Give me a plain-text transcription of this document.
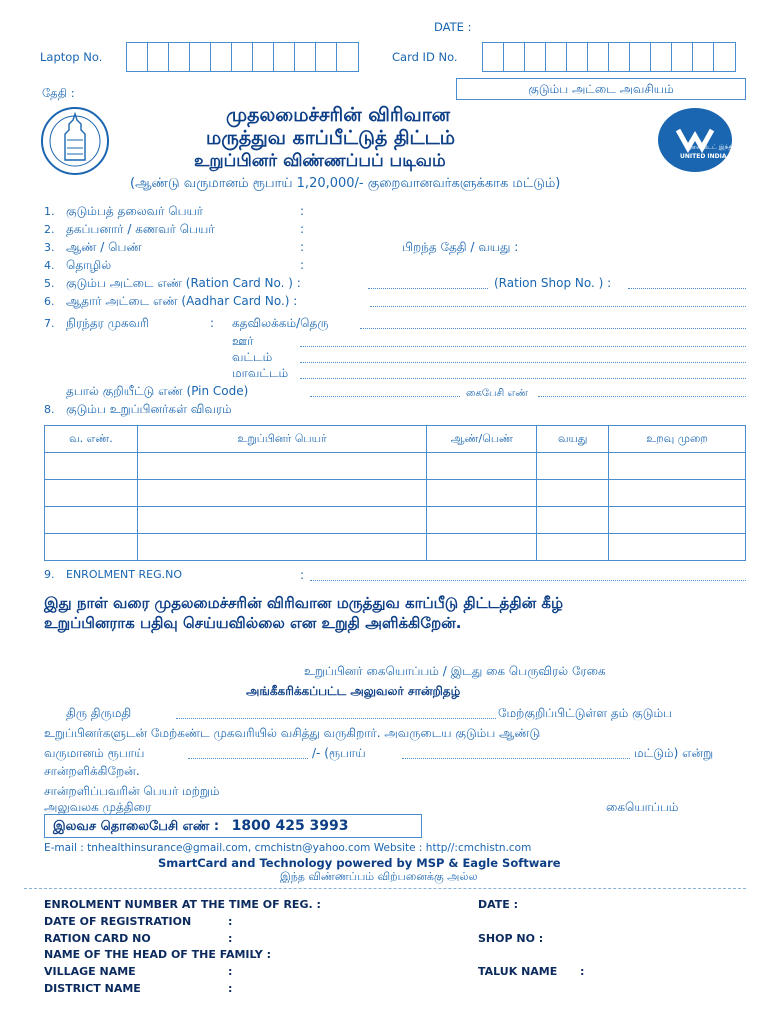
DATE :
Laptop No.	Card ID No.
தேதி :	குடும்ப அட்டை அவசியம்
முதலமைச்சரின் விரிவான
மருத்துவ காப்பீட்டுத் திட்டம்
உறுப்பினர் விண்ணப்பப் படிவம்
(ஆண்டு வருமானம் ரூபாய் 1,20,000/- குறைவானவர்களுக்காக மட்டும்)
யுனைடெட் இந்தியா
UNITED INDIA
1. குடும்பத் தலைவர் பெயர்	:
2. தகப்பனார் / கணவர் பெயர்	:
3. ஆண் / பெண்	:	பிறந்த தேதி / வயது :
4. தொழில்	:
5. குடும்ப அட்டை எண் (Ration Card No. ) :	(Ration Shop No. ) :
6. ஆதார் அட்டை எண் (Aadhar Card No.) :
7. நிரந்தர முகவரி	: கதவிலக்கம்/தெரு
ஊர்
வட்டம்
மாவட்டம்
தபால் குறியீட்டு எண் (Pin Code)	கைபேசி எண்
8. குடும்ப உறுப்பினர்கள் விவரம்
வ. எண்.	உறுப்பினர் பெயர்	ஆண்/பெண்	வயது	உறவு முறை

9. ENROLMENT REG.NO	:
இது நாள் வரை முதலமைச்சரின் விரிவான மருத்துவ காப்பீடு திட்டத்தின் கீழ்
உறுப்பினராக பதிவு செய்யவில்லை என உறுதி அளிக்கிறேன்.
உறுப்பினர் கையொப்பம் / இடது கை பெருவிரல் ரேகை
அங்கீகரிக்கப்பட்ட அலுவலர் சான்றிதழ்
திரு திருமதி	மேற்குறிப்பிட்டுள்ள தம் குடும்ப
உறுப்பினர்களுடன் மேற்கண்ட முகவரியில் வசித்து வருகிறார். அவருடைய குடும்ப ஆண்டு
வருமானம் ரூபாய்	/- (ரூபாய்	மட்டும்) என்று
சான்றளிக்கிறேன்.
சான்றளிப்பவரின் பெயர் மற்றும்
அலுவலக முத்திரை	கையொப்பம்
இலவச தொலைபேசி எண் : 1800 425 3993
E-mail : tnhealthinsurance@gmail.com, cmchistn@yahoo.com Website : http//:cmchistn.com
SmartCard and Technology powered by MSP & Eagle Software
இந்த விண்ணப்பம் விற்பனைக்கு அல்ல
ENROLMENT NUMBER AT THE TIME OF REG. :	DATE :
DATE OF REGISTRATION	:
RATION CARD NO	:	SHOP NO :
NAME OF THE HEAD OF THE FAMILY :
VILLAGE NAME	:	TALUK NAME :
DISTRICT NAME	:
